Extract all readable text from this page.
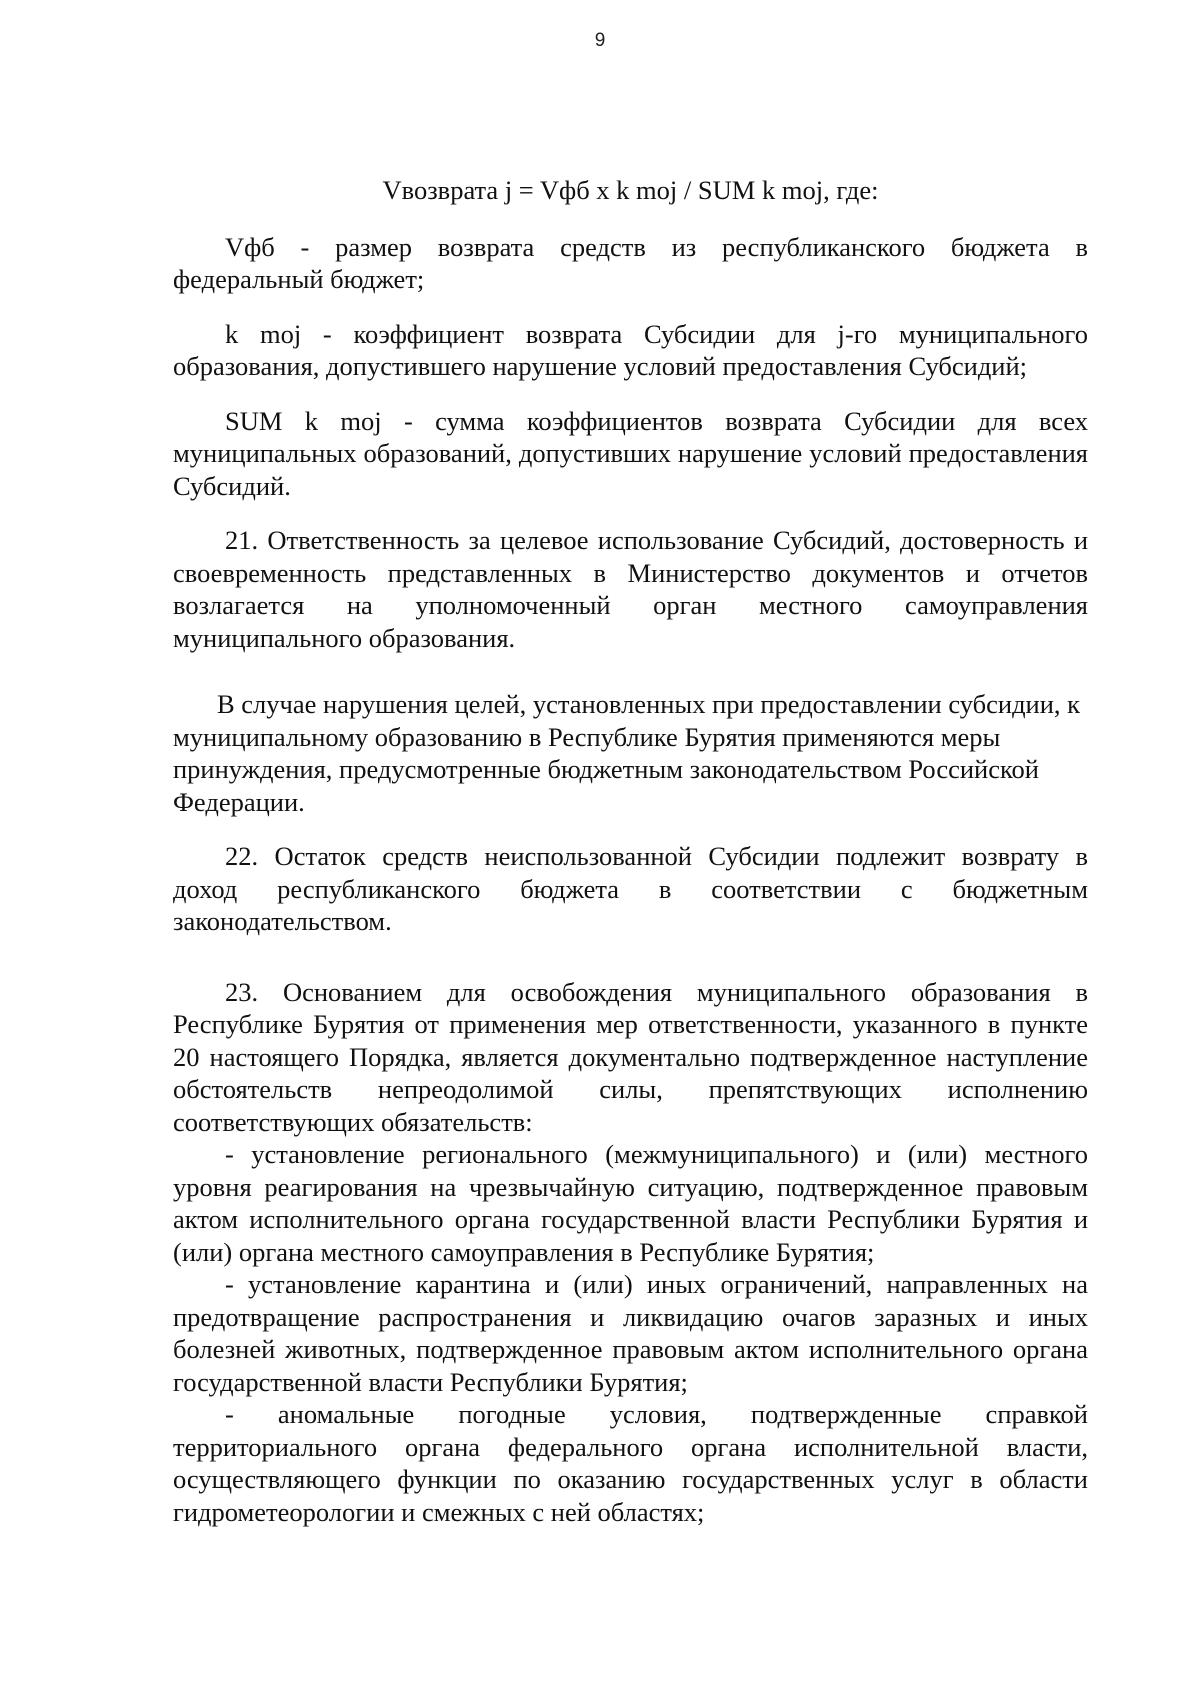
9
Vвозврата j = Vфб x k moj / SUM k moj, где:

Vфб - размер возврата средств из республиканского бюджета в федеральный бюджет;

k moj - коэффициент возврата Субсидии для j-го муниципального образования, допустившего нарушение условий предоставления Субсидий;

SUM k moj - сумма коэффициентов возврата Субсидии для всех муниципальных образований, допустивших нарушение условий предоставления Субсидий.

21. Ответственность за целевое использование Субсидий, достоверность и своевременность представленных в Министерство документов и отчетов возлагается на уполномоченный орган местного самоуправления муниципального образования.

В случае нарушения целей, установленных при предоставлении субсидии, к муниципальному образованию в Республике Бурятия применяются меры принуждения, предусмотренные бюджетным законодательством Российской Федерации.

22. Остаток средств неиспользованной Субсидии подлежит возврату в доход республиканского бюджета в соответствии с бюджетным законодательством.

23. Основанием для освобождения муниципального образования в Республике Бурятия от применения мер ответственности, указанного в пункте 20 настоящего Порядка, является документально подтвержденное наступление обстоятельств непреодолимой силы, препятствующих исполнению соответствующих обязательств:

- установление регионального (межмуниципального) и (или) местного уровня реагирования на чрезвычайную ситуацию, подтвержденное правовым актом исполнительного органа государственной власти Республики Бурятия и (или) органа местного самоуправления в Республике Бурятия;

- установление карантина и (или) иных ограничений, направленных на предотвращение распространения и ликвидацию очагов заразных и иных болезней животных, подтвержденное правовым актом исполнительного органа государственной власти Республики Бурятия;

- аномальные погодные условия, подтвержденные справкой территориального органа федерального органа исполнительной власти, осуществляющего функции по оказанию государственных услуг в области гидрометеорологии и смежных с ней областях;
